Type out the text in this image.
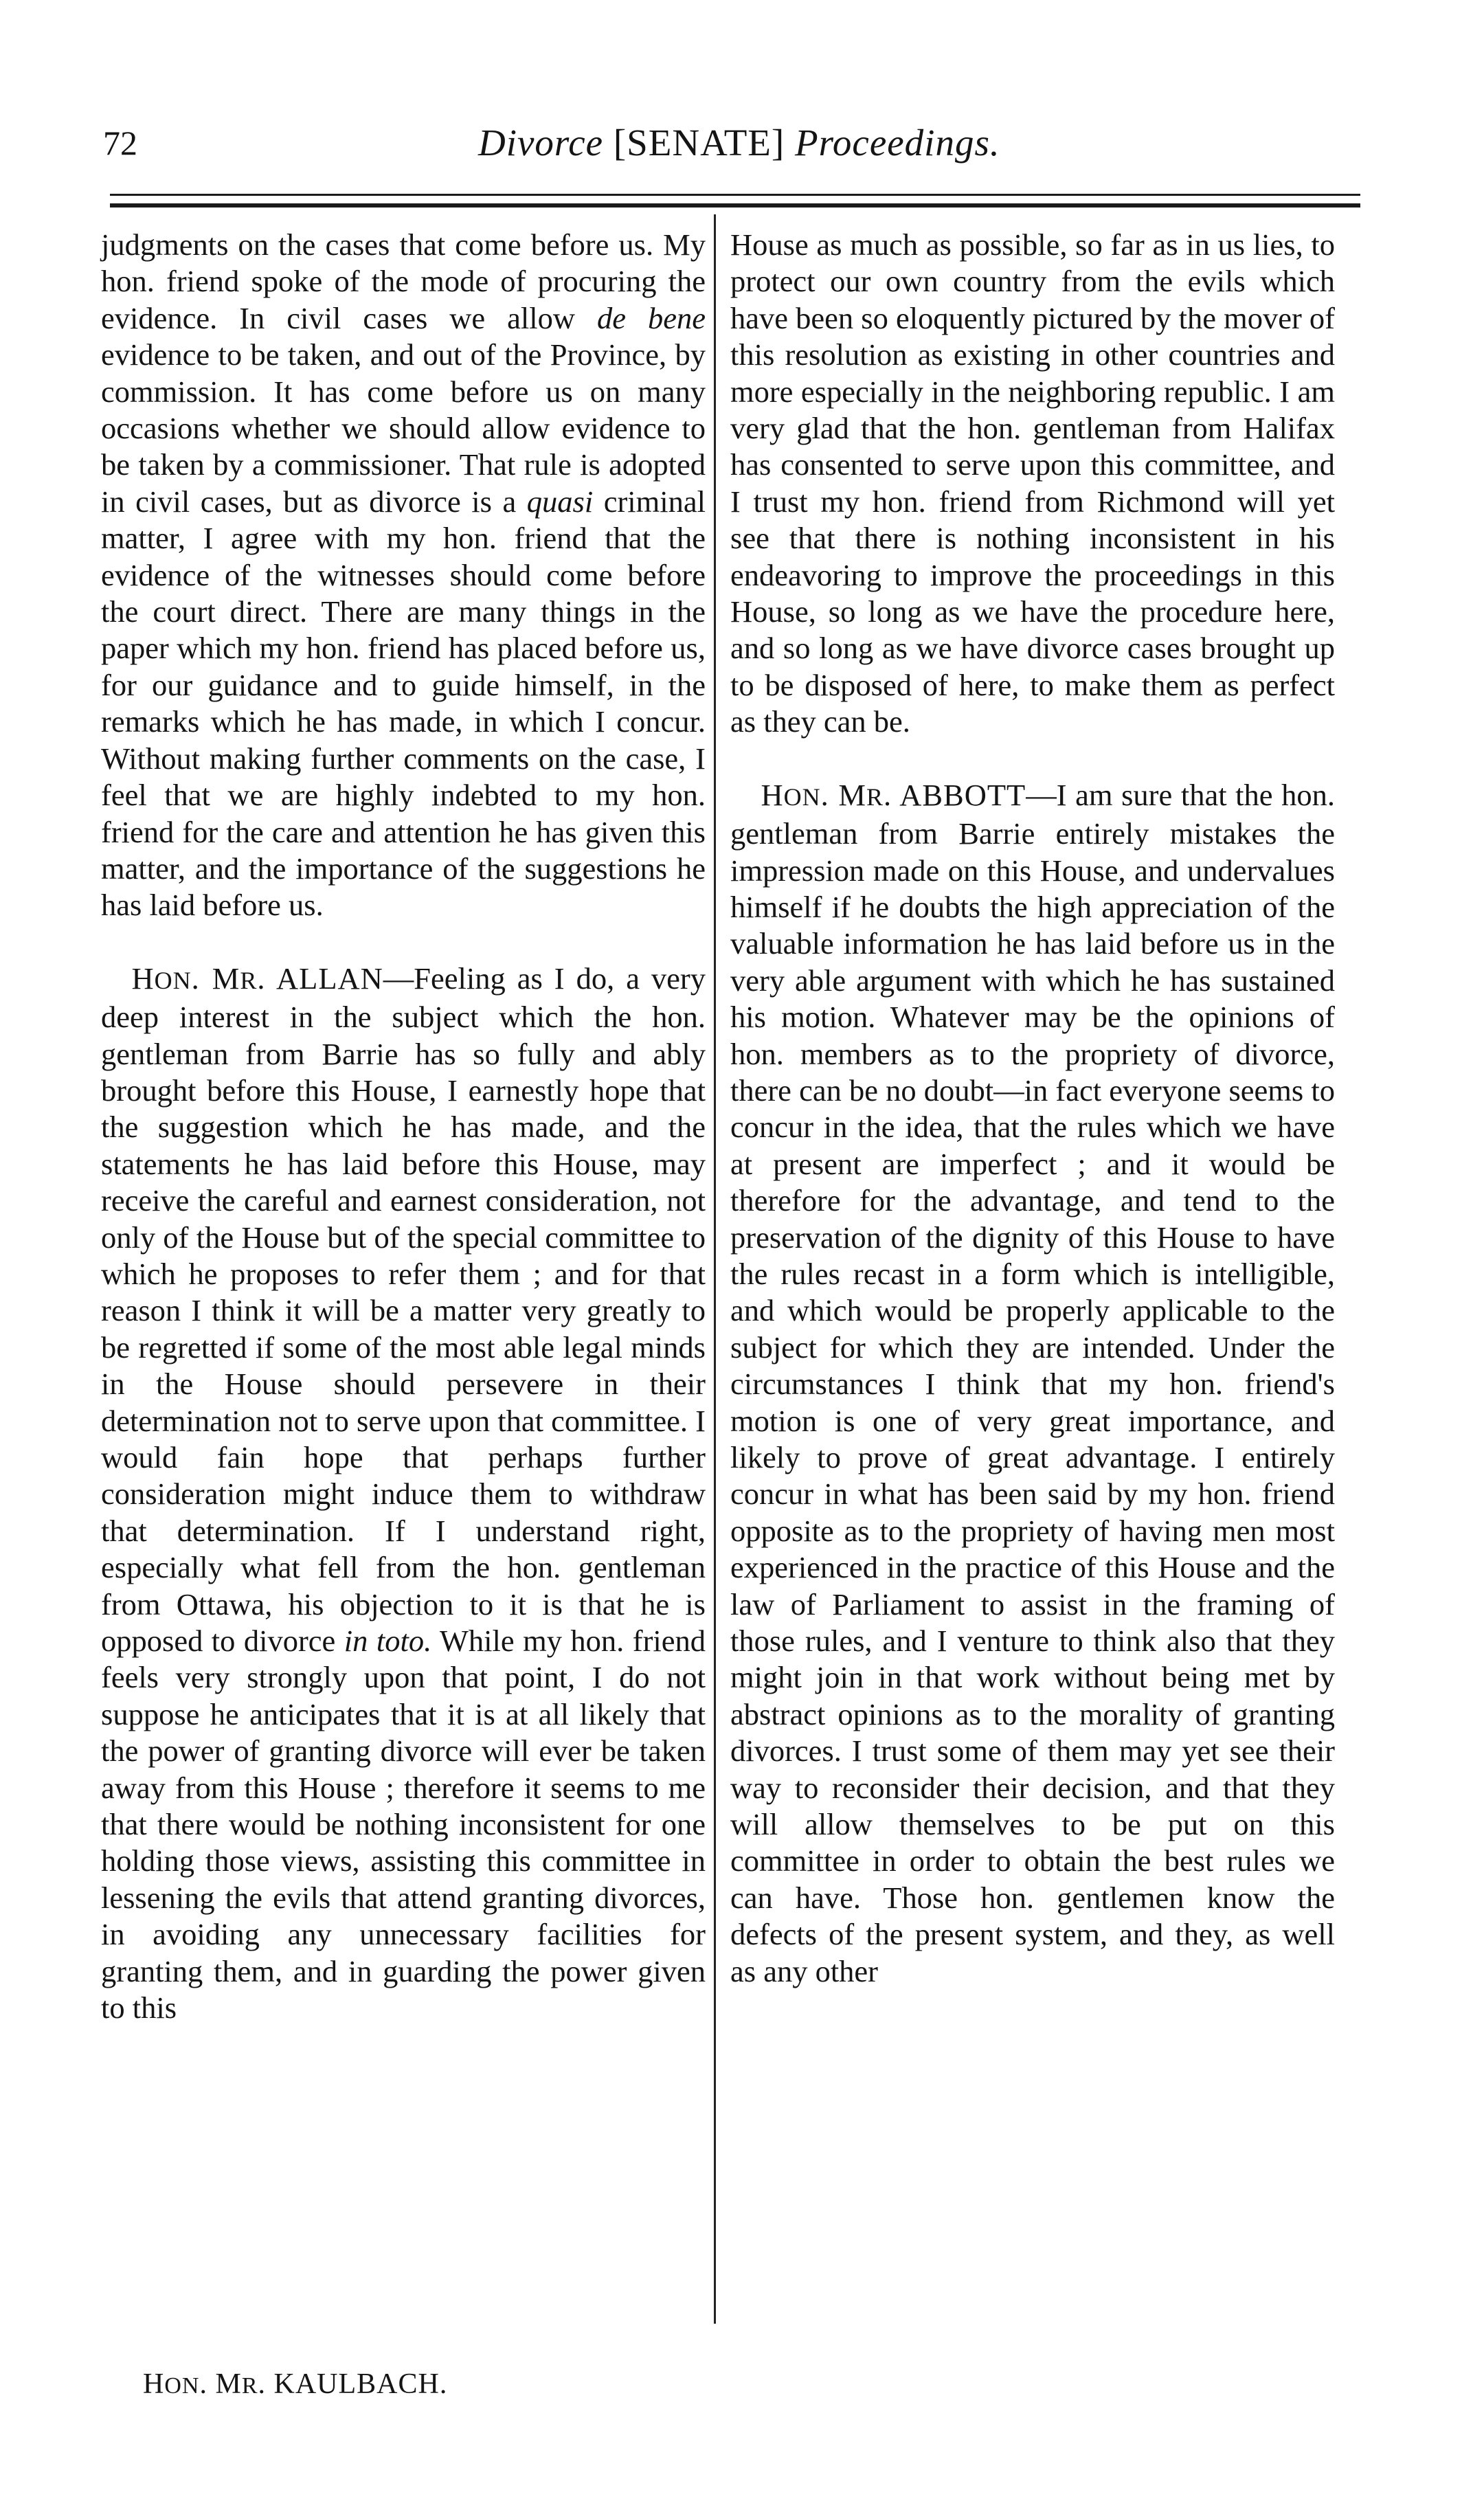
72	Divorce [SENATE] Proceedings.

judgments on the cases that come before us. My hon. friend spoke of the mode of procuring the evidence. In civil cases we allow de bene evidence to be taken, and out of the Province, by commission. It has come before us on many occasions whether we should allow evidence to be taken by a commissioner. That rule is adopted in civil cases, but as divorce is a quasi criminal matter, I agree with my hon. friend that the evidence of the witnesses should come before the court direct. There are many things in the paper which my hon. friend has placed before us, for our guidance and to guide himself, in the remarks which he has made, in which I concur. Without making further comments on the case, I feel that we are highly indebted to my hon. friend for the care and attention he has given this matter, and the importance of the suggestions he has laid before us.

 HON. MR. ALLAN—Feeling as I do, a very deep interest in the subject which the hon. gentleman from Barrie has so fully and ably brought before this House, I earnestly hope that the suggestion which he has made, and the statements he has laid before this House, may receive the careful and earnest consideration, not only of the House but of the special committee to which he proposes to refer them ; and for that reason I think it will be a matter very greatly to be regretted if some of the most able legal minds in the House should persevere in their determination not to serve upon that committee. I would fain hope that perhaps further consideration might induce them to withdraw that determination. If I understand right, especially what fell from the hon. gentleman from Ottawa, his objection to it is that he is opposed to divorce in toto. While my hon. friend feels very strongly upon that point, I do not suppose he anticipates that it is at all likely that the power of granting divorce will ever be taken away from this House ; therefore it seems to me that there would be nothing inconsistent for one holding those views, assisting this committee in lessening the evils that attend granting divorces, in avoiding any unnecessary facilities for granting them, and in guarding the power given to this

House as much as possible, so far as in us lies, to protect our own country from the evils which have been so eloquently pictured by the mover of this resolution as existing in other countries and more especially in the neighboring republic. I am very glad that the hon. gentleman from Halifax has consented to serve upon this committee, and I trust my hon. friend from Richmond will yet see that there is nothing inconsistent in his endeavoring to improve the proceedings in this House, so long as we have the procedure here, and so long as we have divorce cases brought up to be disposed of here, to make them as perfect as they can be.

 HON. MR. ABBOTT—I am sure that the hon. gentleman from Barrie entirely mistakes the impression made on this House, and undervalues himself if he doubts the high appreciation of the valuable information he has laid before us in the very able argument with which he has sustained his motion. Whatever may be the opinions of hon. members as to the propriety of divorce, there can be no doubt—in fact everyone seems to concur in the idea, that the rules which we have at present are imperfect ; and it would be therefore for the advantage, and tend to the preservation of the dignity of this House to have the rules recast in a form which is intelligible, and which would be properly applicable to the subject for which they are intended. Under the circumstances I think that my hon. friend's motion is one of very great importance, and likely to prove of great advantage. I entirely concur in what has been said by my hon. friend opposite as to the propriety of having men most experienced in the practice of this House and the law of Parliament to assist in the framing of those rules, and I venture to think also that they might join in that work without being met by abstract opinions as to the morality of granting divorces. I trust some of them may yet see their way to reconsider their decision, and that they will allow themselves to be put on this committee in order to obtain the best rules we can have. Those hon. gentlemen know the defects of the present system, and they, as well as any other

HON. MR. KAULBACH.
